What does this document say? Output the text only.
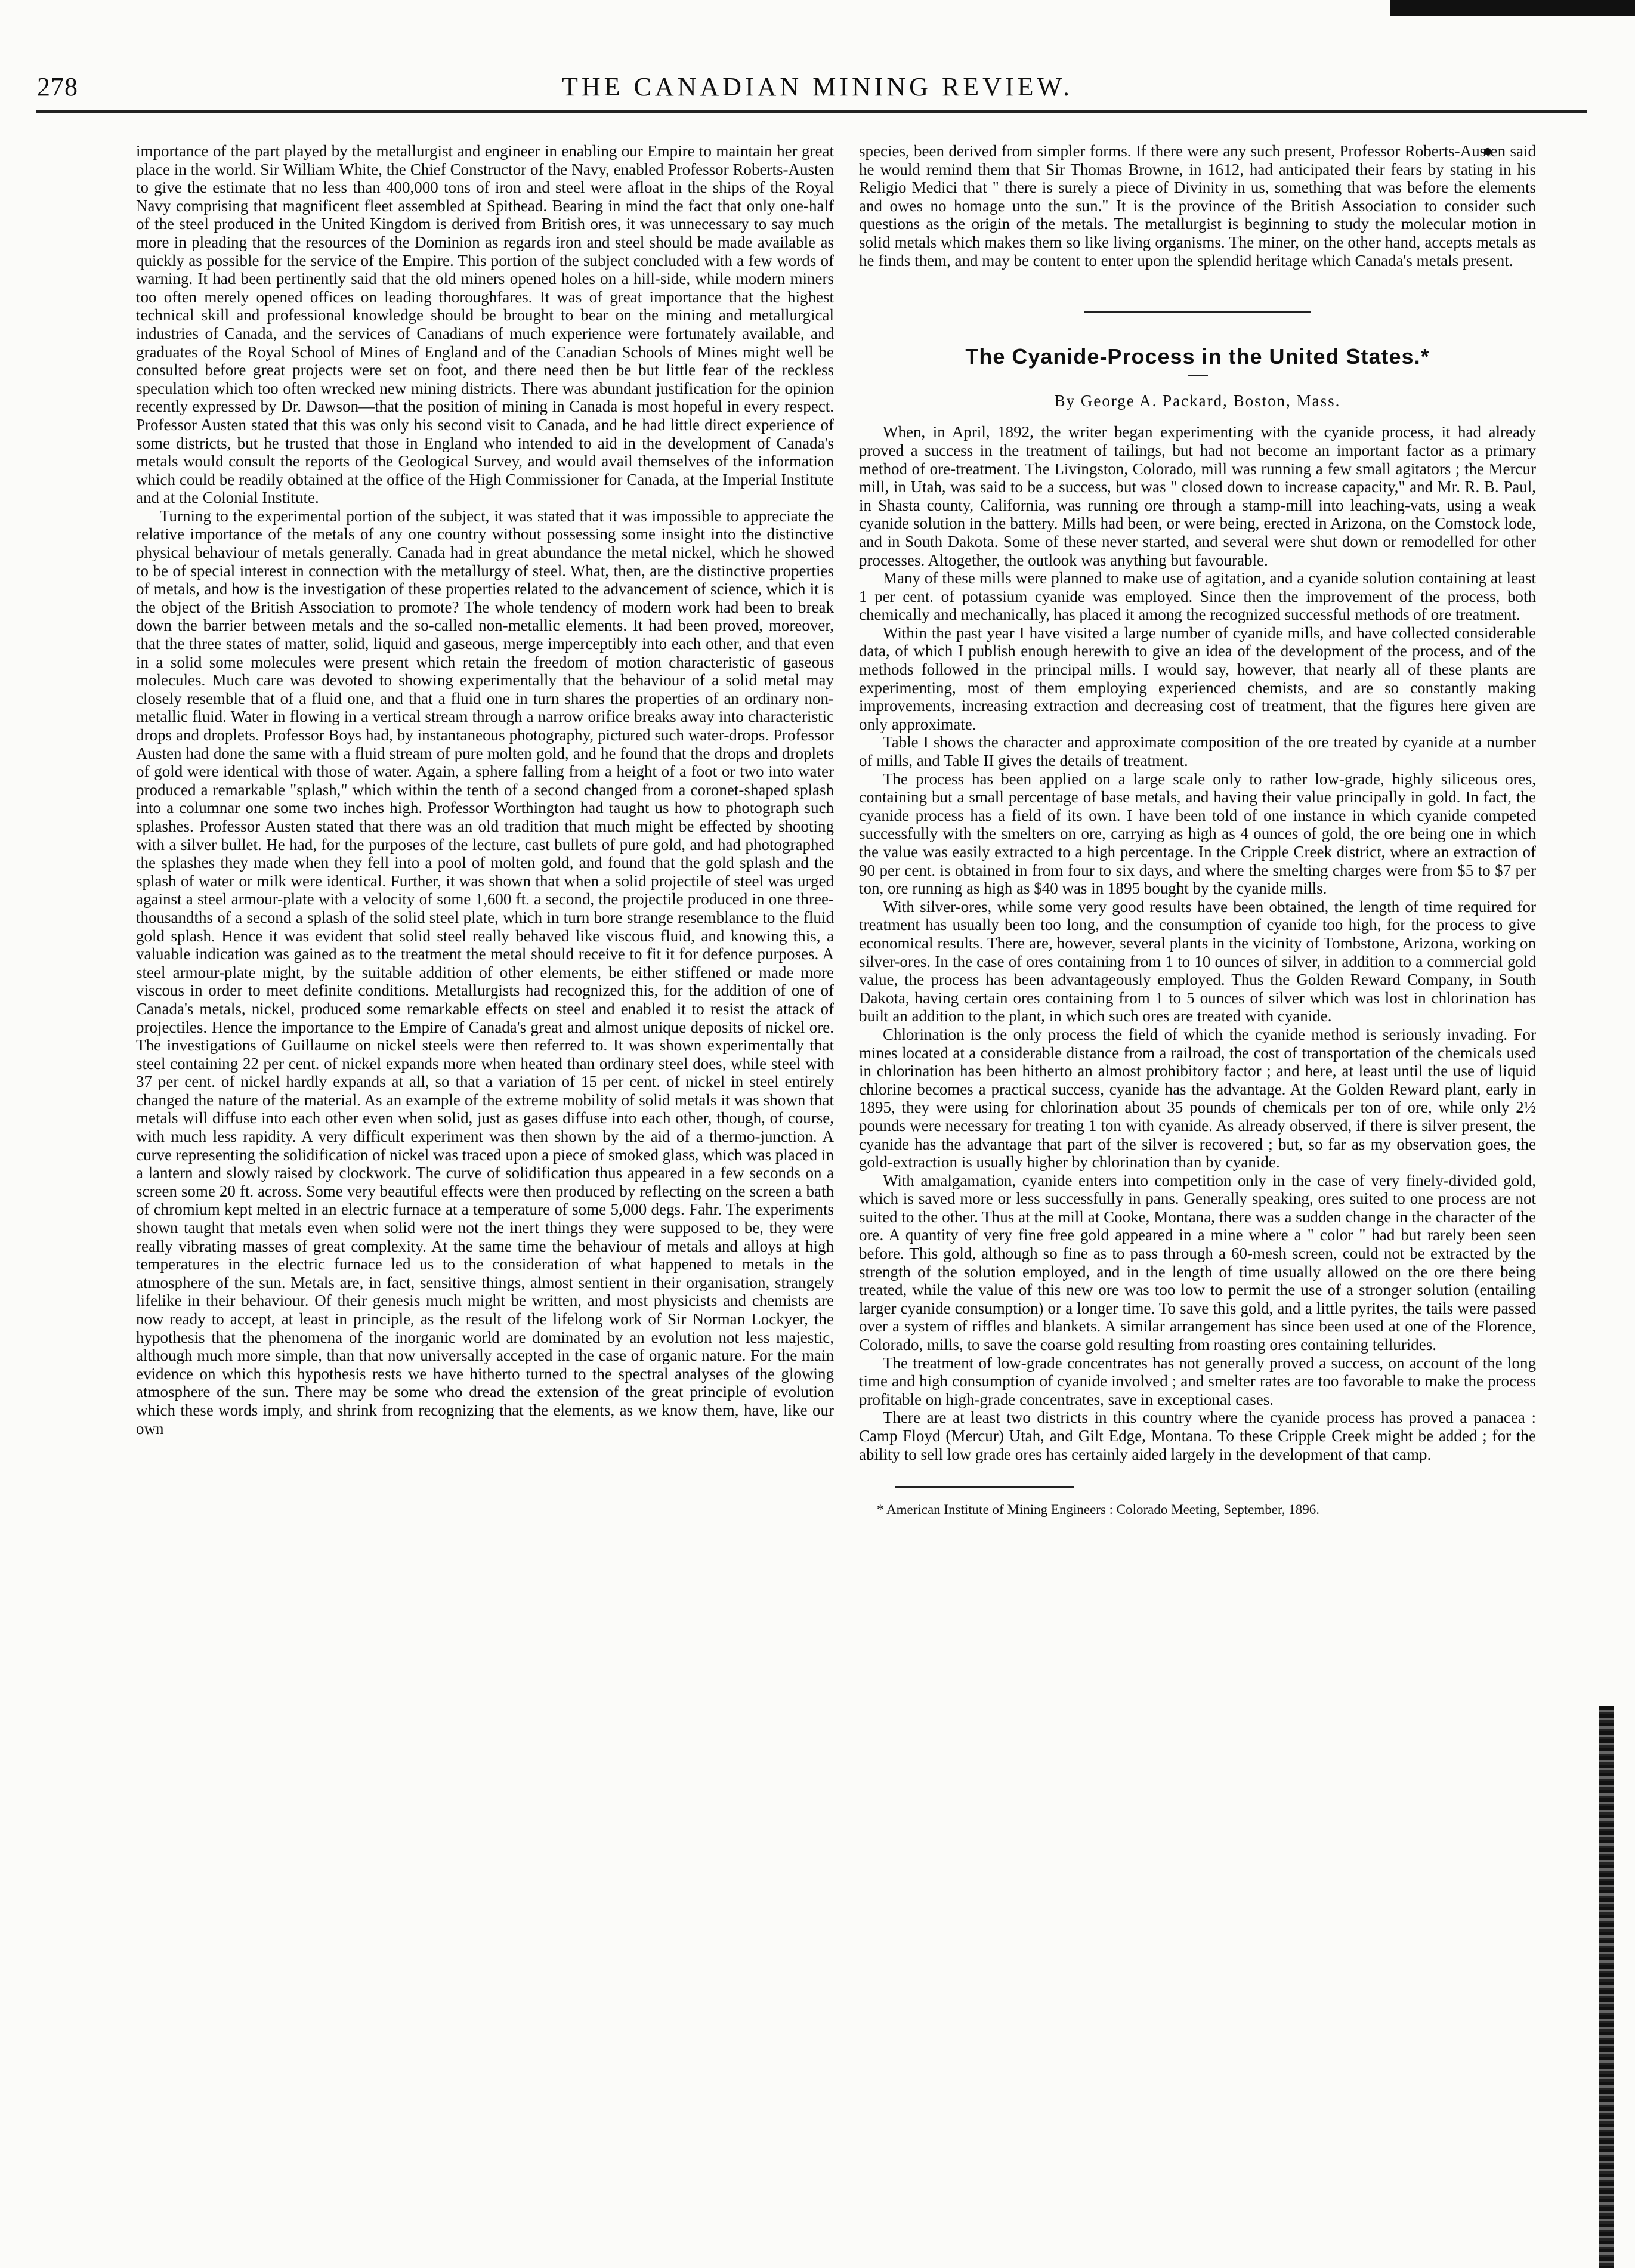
278	THE CANADIAN MINING REVIEW.

importance of the part played by the metallurgist and engineer in enabling our Empire to maintain her great place in the world. Sir William White, the Chief Constructor of the Navy, enabled Professor Roberts-Austen to give the estimate that no less than 400,000 tons of iron and steel were afloat in the ships of the Royal Navy comprising that magnificent fleet assembled at Spithead. Bearing in mind the fact that only one-half of the steel produced in the United Kingdom is derived from British ores, it was unnecessary to say much more in pleading that the resources of the Dominion as regards iron and steel should be made available as quickly as possible for the service of the Empire. This portion of the subject concluded with a few words of warning. It had been pertinently said that the old miners opened holes on a hill-side, while modern miners too often merely opened offices on leading thoroughfares. It was of great importance that the highest technical skill and professional knowledge should be brought to bear on the mining and metallurgical industries of Canada, and the services of Canadians of much experience were fortunately available, and graduates of the Royal School of Mines of England and of the Canadian Schools of Mines might well be consulted before great projects were set on foot, and there need then be but little fear of the reckless speculation which too often wrecked new mining districts. There was abundant justification for the opinion recently expressed by Dr. Dawson—that the position of mining in Canada is most hopeful in every respect. Professor Austen stated that this was only his second visit to Canada, and he had little direct experience of some districts, but he trusted that those in England who intended to aid in the development of Canada's metals would consult the reports of the Geological Survey, and would avail themselves of the information which could be readily obtained at the office of the High Commissioner for Canada, at the Imperial Institute and at the Colonial Institute.

Turning to the experimental portion of the subject, it was stated that it was impossible to appreciate the relative importance of the metals of any one country without possessing some insight into the distinctive physical behaviour of metals generally. Canada had in great abundance the metal nickel, which he showed to be of special interest in connection with the metallurgy of steel. What, then, are the distinctive properties of metals, and how is the investigation of these properties related to the advancement of science, which it is the object of the British Association to promote? The whole tendency of modern work had been to break down the barrier between metals and the so-called non-metallic elements. It had been proved, moreover, that the three states of matter, solid, liquid and gaseous, merge imperceptibly into each other, and that even in a solid some molecules were present which retain the freedom of motion characteristic of gaseous molecules. Much care was devoted to showing experimentally that the behaviour of a solid metal may closely resemble that of a fluid one, and that a fluid one in turn shares the properties of an ordinary non-metallic fluid. Water in flowing in a vertical stream through a narrow orifice breaks away into characteristic drops and droplets. Professor Boys had, by instantaneous photography, pictured such water-drops. Professor Austen had done the same with a fluid stream of pure molten gold, and he found that the drops and droplets of gold were identical with those of water. Again, a sphere falling from a height of a foot or two into water produced a remarkable "splash," which within the tenth of a second changed from a coronet-shaped splash into a columnar one some two inches high. Professor Worthington had taught us how to photograph such splashes. Professor Austen stated that there was an old tradition that much might be effected by shooting with a silver bullet. He had, for the purposes of the lecture, cast bullets of pure gold, and had photographed the splashes they made when they fell into a pool of molten gold, and found that the gold splash and the splash of water or milk were identical. Further, it was shown that when a solid projectile of steel was urged against a steel armour-plate with a velocity of some 1,600 ft. a second, the projectile produced in one three-thousandths of a second a splash of the solid steel plate, which in turn bore strange resemblance to the fluid gold splash. Hence it was evident that solid steel really behaved like viscous fluid, and knowing this, a valuable indication was gained as to the treatment the metal should receive to fit it for defence purposes. A steel armour-plate might, by the suitable addition of other elements, be either stiffened or made more viscous in order to meet definite conditions. Metallurgists had recognized this, for the addition of one of Canada's metals, nickel, produced some remarkable effects on steel and enabled it to resist the attack of projectiles. Hence the importance to the Empire of Canada's great and almost unique deposits of nickel ore. The investigations of Guillaume on nickel steels were then referred to. It was shown experimentally that steel containing 22 per cent. of nickel expands more when heated than ordinary steel does, while steel with 37 per cent. of nickel hardly expands at all, so that a variation of 15 per cent. of nickel in steel entirely changed the nature of the material. As an example of the extreme mobility of solid metals it was shown that metals will diffuse into each other even when solid, just as gases diffuse into each other, though, of course, with much less rapidity. A very difficult experiment was then shown by the aid of a thermo-junction. A curve representing the solidification of nickel was traced upon a piece of smoked glass, which was placed in a lantern and slowly raised by clockwork. The curve of solidification thus appeared in a few seconds on a screen some 20 ft. across. Some very beautiful effects were then produced by reflecting on the screen a bath of chromium kept melted in an electric furnace at a temperature of some 5,000 degs. Fahr. The experiments shown taught that metals even when solid were not the inert things they were supposed to be, they were really vibrating masses of great complexity. At the same time the behaviour of metals and alloys at high temperatures in the electric furnace led us to the consideration of what happened to metals in the atmosphere of the sun. Metals are, in fact, sensitive things, almost sentient in their organisation, strangely lifelike in their behaviour. Of their genesis much might be written, and most physicists and chemists are now ready to accept, at least in principle, as the result of the lifelong work of Sir Norman Lockyer, the hypothesis that the phenomena of the inorganic world are dominated by an evolution not less majestic, although much more simple, than that now universally accepted in the case of organic nature. For the main evidence on which this hypothesis rests we have hitherto turned to the spectral analyses of the glowing atmosphere of the sun. There may be some who dread the extension of the great principle of evolution which these words imply, and shrink from recognizing that the elements, as we know them, have, like our own

species, been derived from simpler forms. If there were any such present, Professor Roberts-Austen said he would remind them that Sir Thomas Browne, in 1612, had anticipated their fears by stating in his Religio Medici that " there is surely a piece of Divinity in us, something that was before the elements and owes no homage unto the sun." It is the province of the British Association to consider such questions as the origin of the metals. The metallurgist is beginning to study the molecular motion in solid metals which makes them so like living organisms. The miner, on the other hand, accepts metals as he finds them, and may be content to enter upon the splendid heritage which Canada's metals present.

The Cyanide-Process in the United States.*
By George A. Packard, Boston, Mass.

When, in April, 1892, the writer began experimenting with the cyanide process, it had already proved a success in the treatment of tailings, but had not become an important factor as a primary method of ore-treatment. The Livingston, Colorado, mill was running a few small agitators ; the Mercur mill, in Utah, was said to be a success, but was " closed down to increase capacity," and Mr. R. B. Paul, in Shasta county, California, was running ore through a stamp-mill into leaching-vats, using a weak cyanide solution in the battery. Mills had been, or were being, erected in Arizona, on the Comstock lode, and in South Dakota. Some of these never started, and several were shut down or remodelled for other processes. Altogether, the outlook was anything but favourable.

Many of these mills were planned to make use of agitation, and a cyanide solution containing at least 1 per cent. of potassium cyanide was employed. Since then the improvement of the process, both chemically and mechanically, has placed it among the recognized successful methods of ore treatment.

Within the past year I have visited a large number of cyanide mills, and have collected considerable data, of which I publish enough herewith to give an idea of the development of the process, and of the methods followed in the principal mills. I would say, however, that nearly all of these plants are experimenting, most of them employing experienced chemists, and are so constantly making improvements, increasing extraction and decreasing cost of treatment, that the figures here given are only approximate.

Table I shows the character and approximate composition of the ore treated by cyanide at a number of mills, and Table II gives the details of treatment.

The process has been applied on a large scale only to rather low-grade, highly siliceous ores, containing but a small percentage of base metals, and having their value principally in gold. In fact, the cyanide process has a field of its own. I have been told of one instance in which cyanide competed successfully with the smelters on ore, carrying as high as 4 ounces of gold, the ore being one in which the value was easily extracted to a high percentage. In the Cripple Creek district, where an extraction of 90 per cent. is obtained in from four to six days, and where the smelting charges were from $5 to $7 per ton, ore running as high as $40 was in 1895 bought by the cyanide mills.

With silver-ores, while some very good results have been obtained, the length of time required for treatment has usually been too long, and the consumption of cyanide too high, for the process to give economical results. There are, however, several plants in the vicinity of Tombstone, Arizona, working on silver-ores. In the case of ores containing from 1 to 10 ounces of silver, in addition to a commercial gold value, the process has been advantageously employed. Thus the Golden Reward Company, in South Dakota, having certain ores containing from 1 to 5 ounces of silver which was lost in chlorination has built an addition to the plant, in which such ores are treated with cyanide.

Chlorination is the only process the field of which the cyanide method is seriously invading. For mines located at a considerable distance from a railroad, the cost of transportation of the chemicals used in chlorination has been hitherto an almost prohibitory factor ; and here, at least until the use of liquid chlorine becomes a practical success, cyanide has the advantage. At the Golden Reward plant, early in 1895, they were using for chlorination about 35 pounds of chemicals per ton of ore, while only 2½ pounds were necessary for treating 1 ton with cyanide. As already observed, if there is silver present, the cyanide has the advantage that part of the silver is recovered ; but, so far as my observation goes, the gold-extraction is usually higher by chlorination than by cyanide.

With amalgamation, cyanide enters into competition only in the case of very finely-divided gold, which is saved more or less successfully in pans. Generally speaking, ores suited to one process are not suited to the other. Thus at the mill at Cooke, Montana, there was a sudden change in the character of the ore. A quantity of very fine free gold appeared in a mine where a " color " had but rarely been seen before. This gold, although so fine as to pass through a 60-mesh screen, could not be extracted by the strength of the solution employed, and in the length of time usually allowed on the ore there being treated, while the value of this new ore was too low to permit the use of a stronger solution (entailing larger cyanide consumption) or a longer time. To save this gold, and a little pyrites, the tails were passed over a system of riffles and blankets. A similar arrangement has since been used at one of the Florence, Colorado, mills, to save the coarse gold resulting from roasting ores containing tellurides.

The treatment of low-grade concentrates has not generally proved a success, on account of the long time and high consumption of cyanide involved ; and smelter rates are too favorable to make the process profitable on high-grade concentrates, save in exceptional cases.

There are at least two districts in this country where the cyanide process has proved a panacea : Camp Floyd (Mercur) Utah, and Gilt Edge, Montana. To these Cripple Creek might be added ; for the ability to sell low grade ores has certainly aided largely in the development of that camp.

* American Institute of Mining Engineers : Colorado Meeting, September, 1896.
